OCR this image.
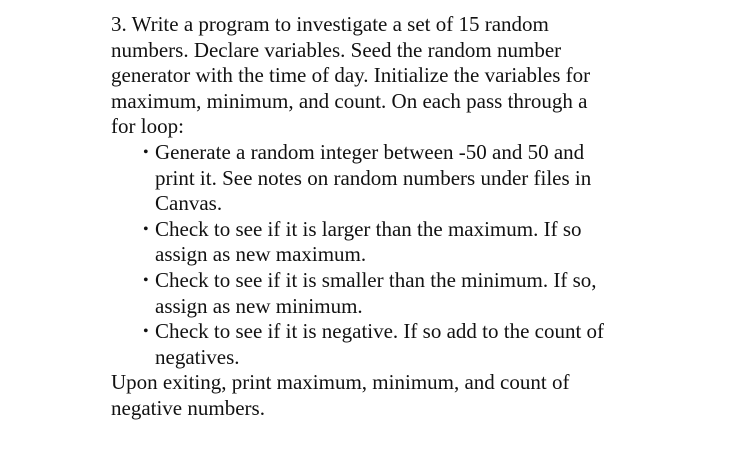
3. Write a program to investigate a set of 15 random
numbers. Declare variables. Seed the random number
generator with the time of day. Initialize the variables for
maximum, minimum, and count. On each pass through a
for loop:

• Generate a random integer between -50 and 50 and
print it. See notes on random numbers under files in
Canvas.
• Check to see if it is larger than the maximum. If so
assign as new maximum.
• Check to see if it is smaller than the minimum. If so,
assign as new minimum.
• Check to see if it is negative. If so add to the count of
negatives.

Upon exiting, print maximum, minimum, and count of
negative numbers.
